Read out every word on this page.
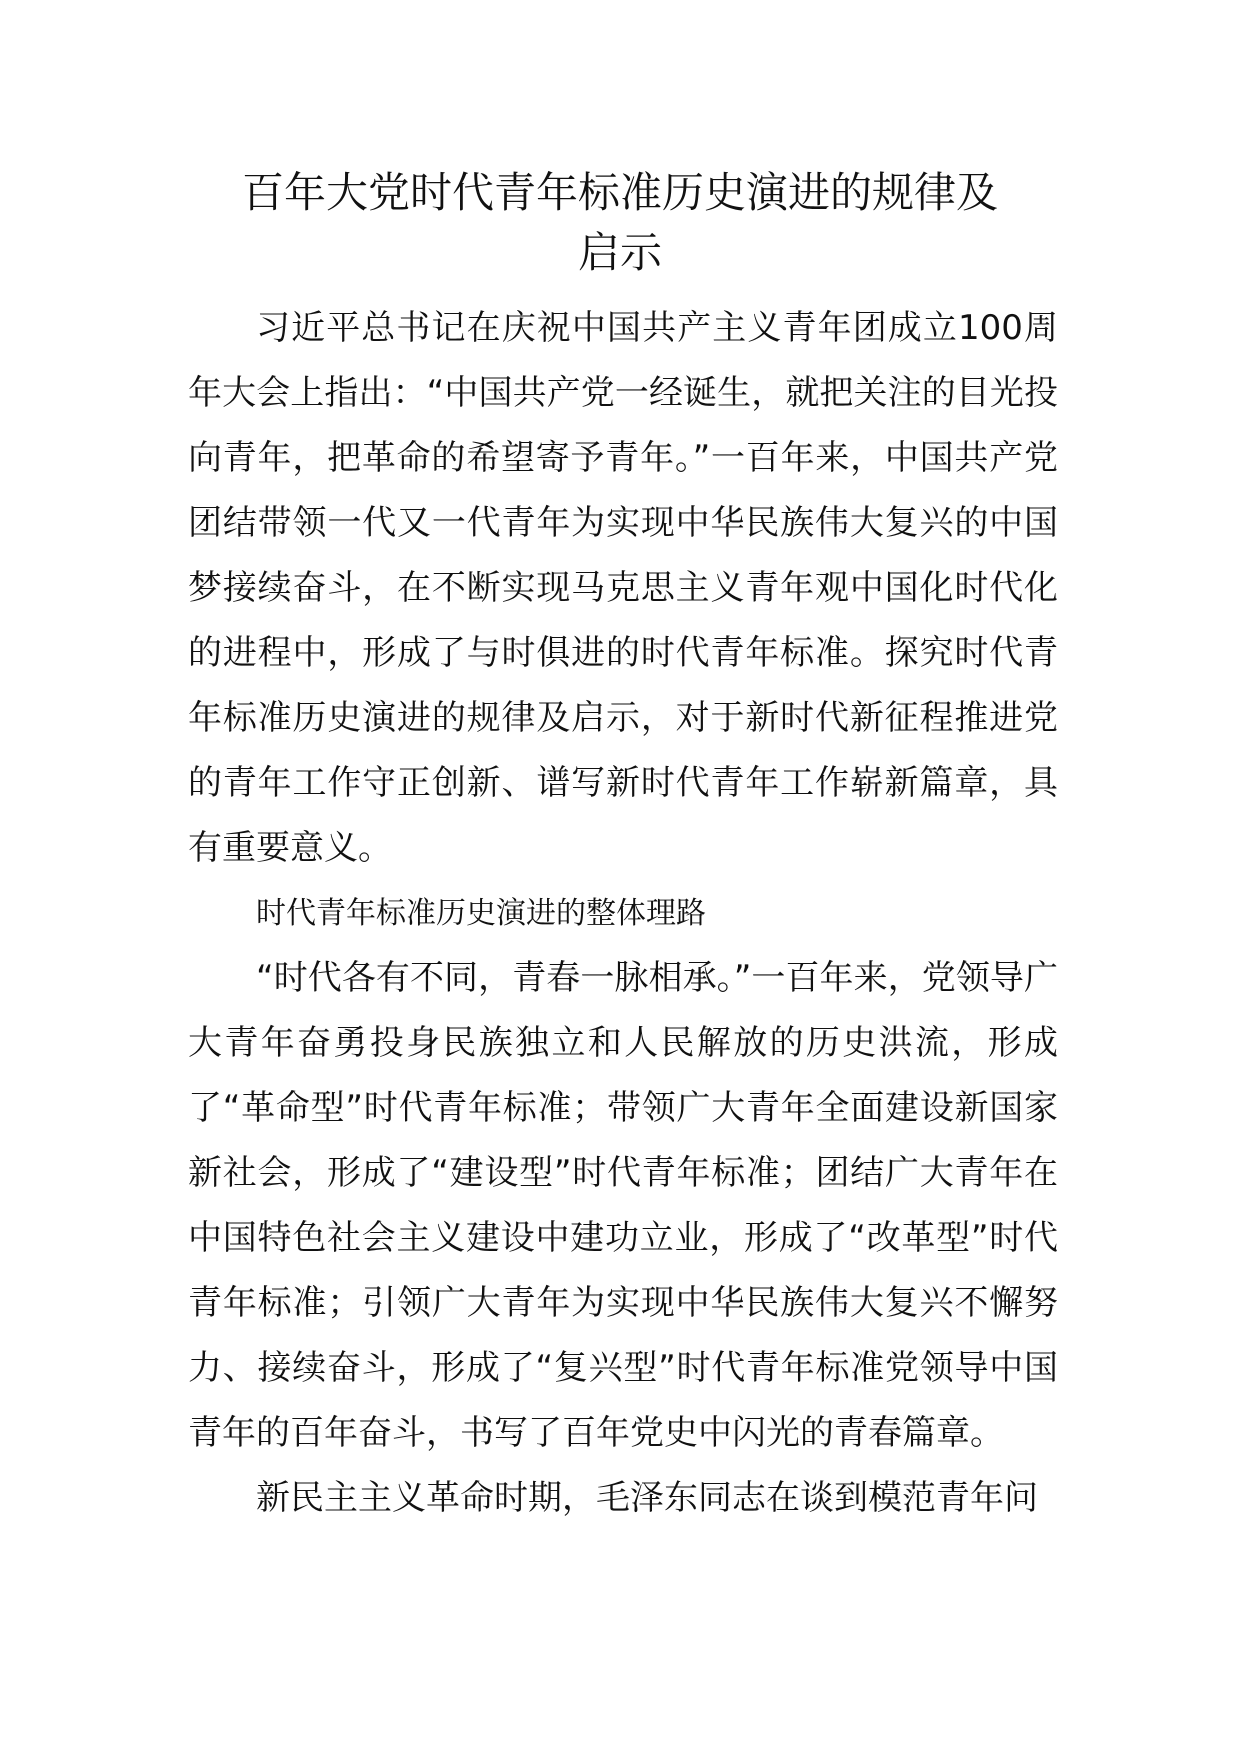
百年大党时代青年标准历史演进的规律及
启示

习近平总书记在庆祝中国共产主义青年团成立100周年大会上指出：“中国共产党一经诞生，就把关注的目光投向青年，把革命的希望寄予青年。”一百年来，中国共产党团结带领一代又一代青年为实现中华民族伟大复兴的中国梦接续奋斗，在不断实现马克思主义青年观中国化时代化的进程中，形成了与时俱进的时代青年标准。探究时代青年标准历史演进的规律及启示，对于新时代新征程推进党的青年工作守正创新、谱写新时代青年工作崭新篇章，具有重要意义。

时代青年标准历史演进的整体理路

“时代各有不同，青春一脉相承。”一百年来，党领导广大青年奋勇投身民族独立和人民解放的历史洪流，形成了“革命型”时代青年标准；带领广大青年全面建设新国家新社会，形成了“建设型”时代青年标准；团结广大青年在中国特色社会主义建设中建功立业，形成了“改革型”时代青年标准；引领广大青年为实现中华民族伟大复兴不懈努力、接续奋斗，形成了“复兴型”时代青年标准党领导中国青年的百年奋斗，书写了百年党史中闪光的青春篇章。

新民主主义革命时期，毛泽东同志在谈到模范青年问
